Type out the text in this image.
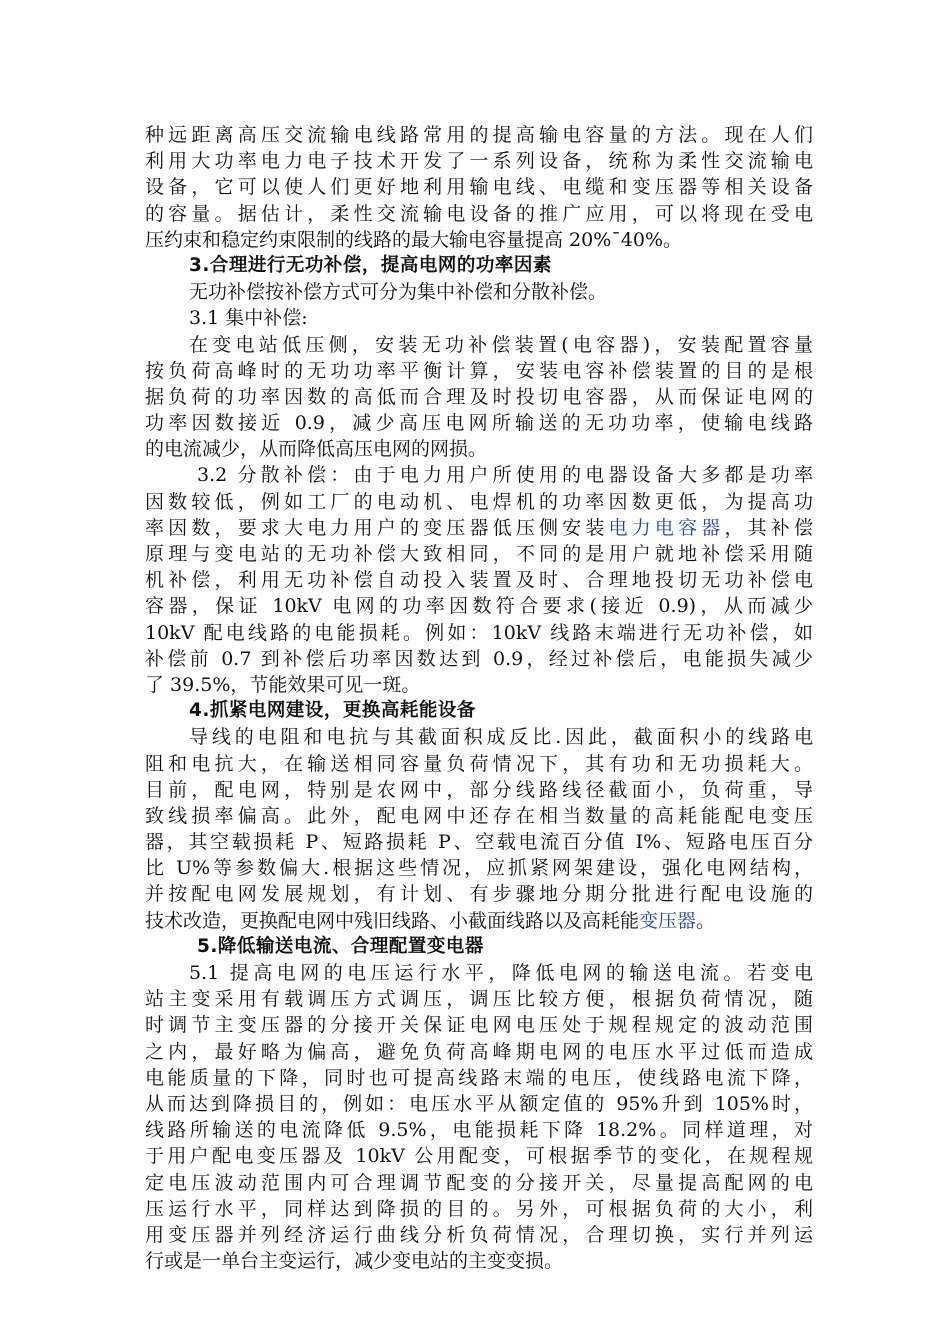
种远距离高压交流输电线路常用的提高输电容量的方法。现在人们
利用大功率电力电子技术开发了一系列设备，统称为柔性交流输电
设备，它可以使人们更好地利用输电线、电缆和变压器等相关设备
的容量。据估计，柔性交流输电设备的推广应用，可以将现在受电
压约束和稳定约束限制的线路的最大输电容量提高 20%¯40%。
3.合理进行无功补偿，提高电网的功率因素
无功补偿按补偿方式可分为集中补偿和分散补偿。
3.1 集中补偿:
在变电站低压侧，安装无功补偿装置(电容器)，安装配置容量
按负荷高峰时的无功功率平衡计算，安装电容补偿装置的目的是根
据负荷的功率因数的高低而合理及时投切电容器，从而保证电网的
功率因数接近 0.9，减少高压电网所输送的无功功率，使输电线路
的电流减少，从而降低高压电网的网损。
3.2 分散补偿：由于电力用户所使用的电器设备大多都是功率
因数较低，例如工厂的电动机、电焊机的功率因数更低，为提高功
率因数，要求大电力用户的变压器低压侧安装电力电容器，其补偿
原理与变电站的无功补偿大致相同，不同的是用户就地补偿采用随
机补偿，利用无功补偿自动投入装置及时、合理地投切无功补偿电
容器，保证 10kV 电网的功率因数符合要求(接近 0.9)，从而减少
10kV 配电线路的电能损耗。例如：10kV 线路末端进行无功补偿，如
补偿前 0.7 到补偿后功率因数达到 0.9，经过补偿后，电能损失减少
了 39.5%，节能效果可见一斑。
4.抓紧电网建设，更换高耗能设备
导线的电阻和电抗与其截面积成反比.因此，截面积小的线路电
阻和电抗大，在输送相同容量负荷情况下，其有功和无功损耗大。
目前，配电网，特别是农网中，部分线路线径截面小，负荷重，导
致线损率偏高。此外，配电网中还存在相当数量的高耗能配电变压
器，其空载损耗 P、短路损耗 P、空载电流百分值 I%、短路电压百分
比 U%等参数偏大.根据这些情况，应抓紧网架建设，强化电网结构，
并按配电网发展规划，有计划、有步骤地分期分批进行配电设施的
技术改造，更换配电网中残旧线路、小截面线路以及高耗能变压器。
5.降低输送电流、合理配置变电器
5.1 提高电网的电压运行水平，降低电网的输送电流。若变电
站主变采用有载调压方式调压，调压比较方便，根据负荷情况，随
时调节主变压器的分接开关保证电网电压处于规程规定的波动范围
之内，最好略为偏高，避免负荷高峰期电网的电压水平过低而造成
电能质量的下降，同时也可提高线路末端的电压，使线路电流下降，
从而达到降损目的，例如：电压水平从额定值的 95%升到 105%时，
线路所输送的电流降低 9.5%，电能损耗下降 18.2%。同样道理，对
于用户配电变压器及 10kV 公用配变，可根据季节的变化，在规程规
定电压波动范围内可合理调节配变的分接开关，尽量提高配网的电
压运行水平，同样达到降损的目的。另外，可根据负荷的大小，利
用变压器并列经济运行曲线分析负荷情况，合理切换，实行并列运
行或是一单台主变运行，减少变电站的主变变损。
